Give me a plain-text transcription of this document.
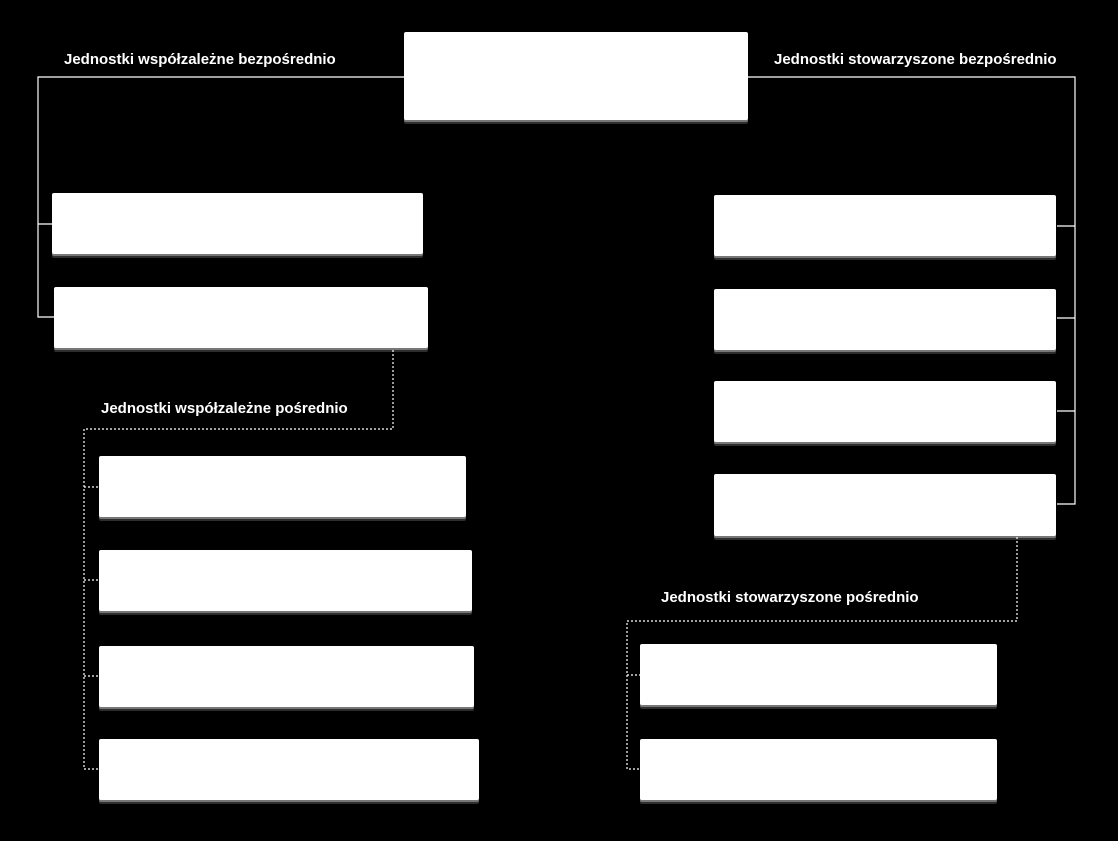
Jednostki współzależne bezpośrednio	Jednostki stowarzyszone bezpośrednio
Jednostki współzależne pośrednio
Jednostki stowarzyszone pośrednio
